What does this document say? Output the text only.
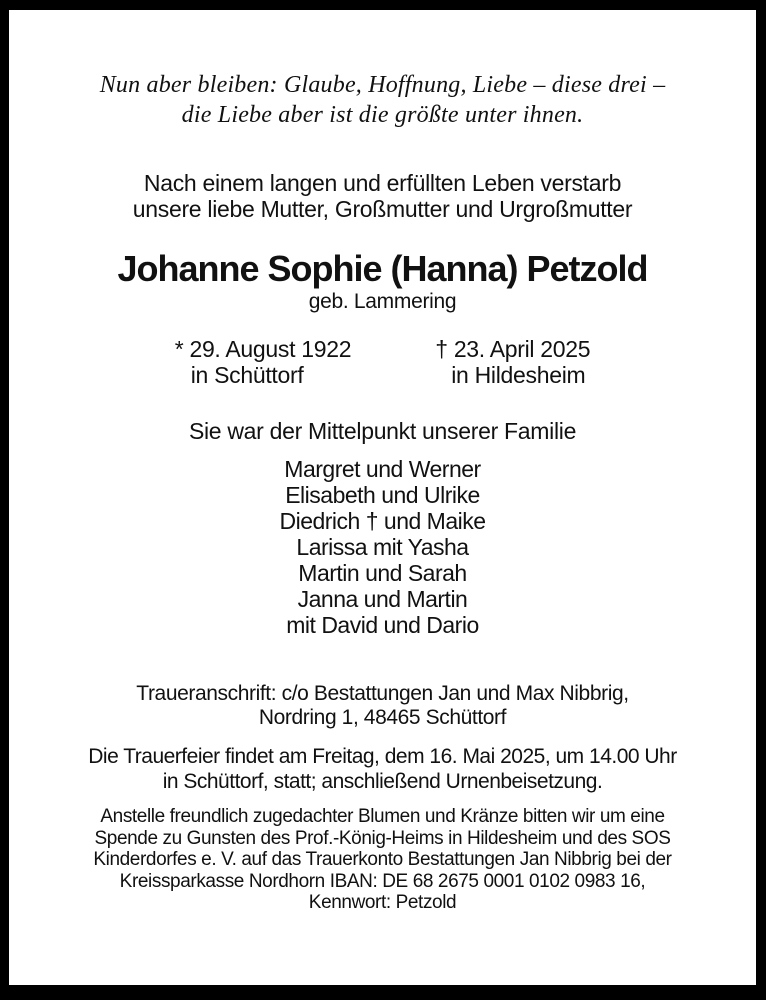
Nun aber bleiben: Glaube, Hoffnung, Liebe – diese drei –
die Liebe aber ist die größte unter ihnen.
Nach einem langen und erfüllten Leben verstarb
unsere liebe Mutter, Großmutter und Urgroßmutter
Johanne Sophie (Hanna) Petzold
geb. Lammering
* 29. August 1922
in Schüttorf
† 23. April 2025
in Hildesheim
Sie war der Mittelpunkt unserer Familie
Margret und Werner
Elisabeth und Ulrike
Diedrich † und Maike
Larissa mit Yasha
Martin und Sarah
Janna und Martin
mit David und Dario
Traueranschrift: c/o Bestattungen Jan und Max Nibbrig,
Nordring 1, 48465 Schüttorf
Die Trauerfeier findet am Freitag, dem 16. Mai 2025, um 14.00 Uhr
in Schüttorf, statt; anschließend Urnenbeisetzung.
Anstelle freundlich zugedachter Blumen und Kränze bitten wir um eine
Spende zu Gunsten des Prof.-König-Heims in Hildesheim und des SOS
Kinderdorfes e. V. auf das Trauerkonto Bestattungen Jan Nibbrig bei der
Kreissparkasse Nordhorn IBAN: DE 68 2675 0001 0102 0983 16,
Kennwort: Petzold
